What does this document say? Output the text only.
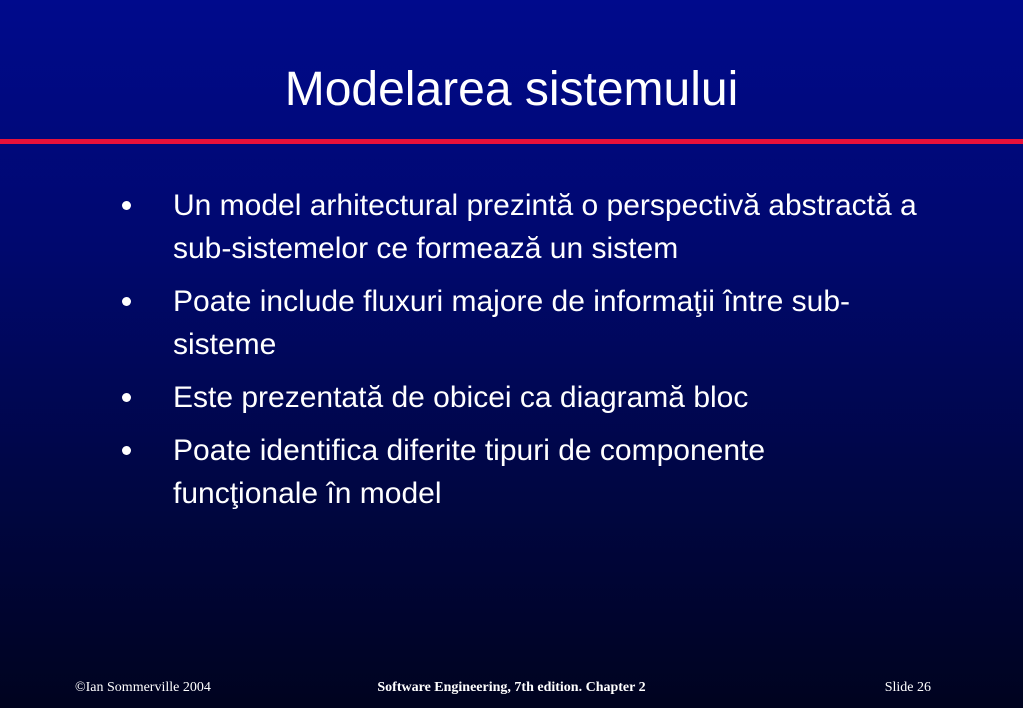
Modelarea sistemului
Un model arhitectural prezintă o perspectivă abstractă a sub-sistemelor ce formează un sistem
Poate include fluxuri majore de informaţii între sub-sisteme
Este prezentată de obicei ca diagramă bloc
Poate identifica diferite tipuri de componente funcţionale în model
©Ian Sommerville 2004	Software Engineering, 7th edition. Chapter 2	Slide 26
